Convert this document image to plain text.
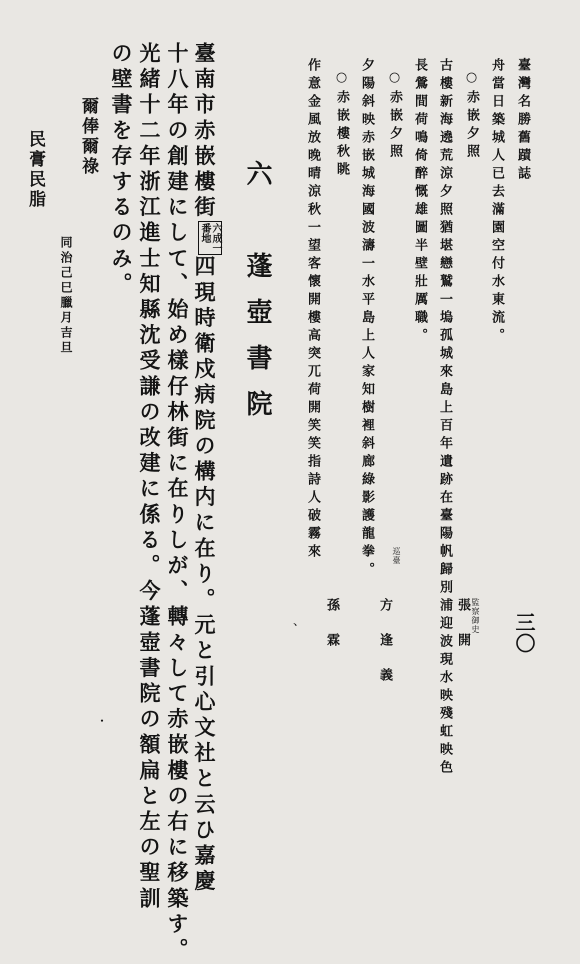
三〇
臺灣名勝舊蹟誌
舟當日築城人已去滿園空付水東流。
○赤嵌夕照
監察御史
張開
古樓新海遶荒涼夕照猶堪戀鷲一塢孤城來島上百年遺跡在臺陽帆歸別浦迎波現水映殘虹映色
長鶯間荷鳴倚醉慨雄圖半壁壯厲職。
○赤嵌夕照
巡臺
方逢義
夕陽斜映赤嵌城海國波濤一水平島上人家知樹裡斜廊綠影護龍拳。
○赤嵌樓秋眺
孫霖
作意金風放晚晴涼秋一望客懷開樓高突兀荷開笑笑指詩人破霧來
、
六　蓬壺書院
臺南市赤嵌樓街六成一
番地四現時衛戍病院の構内に在り。元と引心文社と云ひ嘉慶
十八年の創建にして、始め樣仔林街に在りしが、轉々して赤嵌樓の右に移築す。
光緒十二年浙江進士知縣沈受謙の改建に係る。今蓬壺書院の額扁と左の聖訓
の壁書を存するのみ。
爾俸爾祿
同治己巳臘月吉旦
民膏民脂
・
